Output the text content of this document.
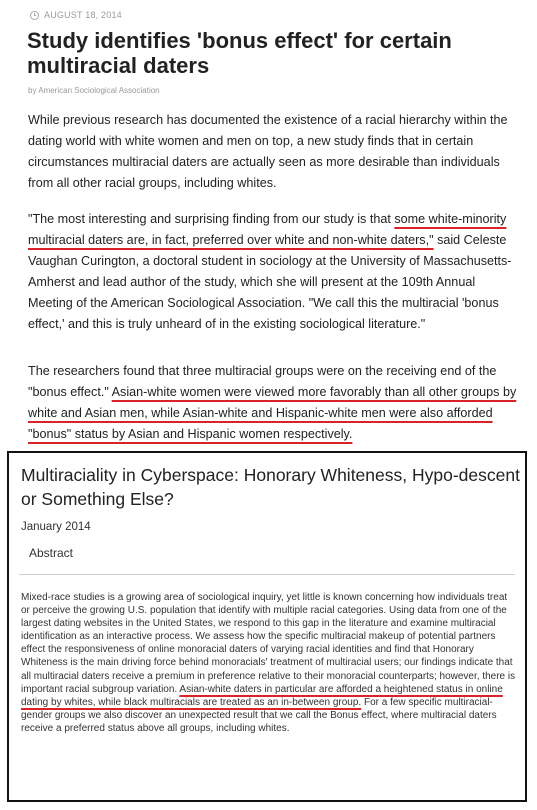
AUGUST 18, 2014
Study identifies 'bonus effect' for certain multiracial daters
by American Sociological Association

While previous research has documented the existence of a racial hierarchy within the dating world with white women and men on top, a new study finds that in certain circumstances multiracial daters are actually seen as more desirable than individuals from all other racial groups, including whites.

"The most interesting and surprising finding from our study is that some white-minority multiracial daters are, in fact, preferred over white and non-white daters," said Celeste Vaughan Curington, a doctoral student in sociology at the University of Massachusetts-Amherst and lead author of the study, which she will present at the 109th Annual Meeting of the American Sociological Association. "We call this the multiracial 'bonus effect,' and this is truly unheard of in the existing sociological literature."

The researchers found that three multiracial groups were on the receiving end of the "bonus effect." Asian-white women were viewed more favorably than all other groups by white and Asian men, while Asian-white and Hispanic-white men were also afforded "bonus" status by Asian and Hispanic women respectively.

Multiraciality in Cyberspace: Honorary Whiteness, Hypo-descent or Something Else?
January 2014
Abstract

Mixed-race studies is a growing area of sociological inquiry, yet little is known concerning how individuals treat or perceive the growing U.S. population that identify with multiple racial categories. Using data from one of the largest dating websites in the United States, we respond to this gap in the literature and examine multiracial identification as an interactive process. We assess how the specific multiracial makeup of potential partners effect the responsiveness of online monoracial daters of varying racial identities and find that Honorary Whiteness is the main driving force behind monoracials' treatment of multiracial users; our findings indicate that all multiracial daters receive a premium in preference relative to their monoracial counterparts; however, there is important racial subgroup variation. Asian-white daters in particular are afforded a heightened status in online dating by whites, while black multiracials are treated as an in-between group. For a few specific multiracial-gender groups we also discover an unexpected result that we call the Bonus effect, where multiracial daters receive a preferred status above all groups, including whites.
